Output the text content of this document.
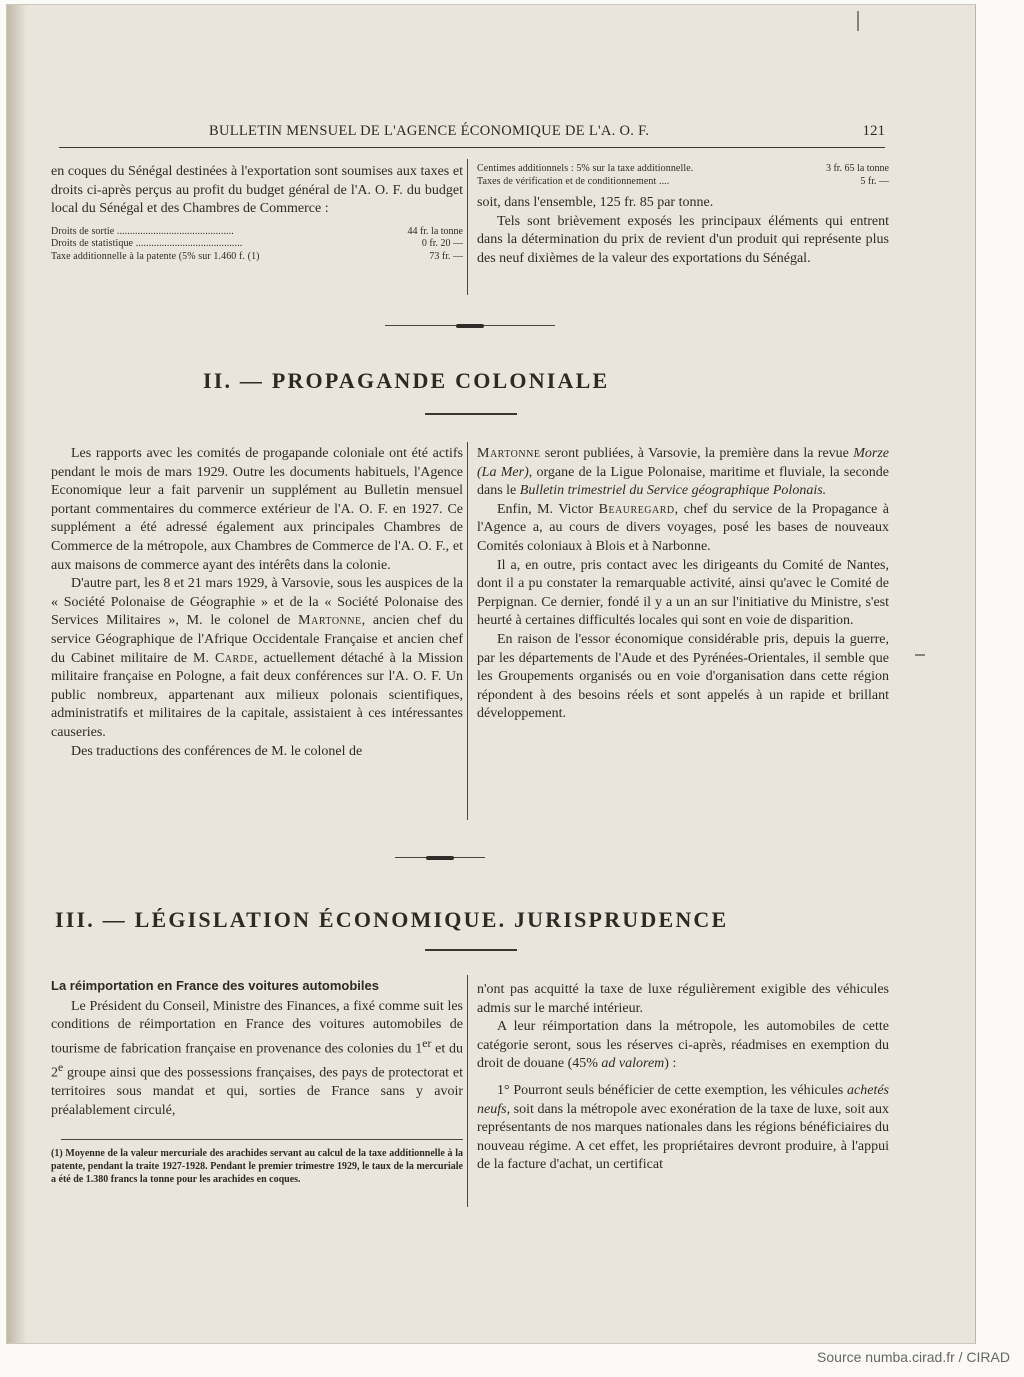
BULLETIN MENSUEL DE L'AGENCE ÉCONOMIQUE DE L'A. O. F.	121

en coques du Sénégal destinées à l'exportation sont soumises aux taxes et droits ci-après perçus au profit du budget général de l'A. O. F. du budget local du Sénégal et des Chambres de Commerce :

Droits de sortie .............................................	44 fr. la tonne
Droits de statistique .........................................	0 fr. 20 —
Taxe additionnelle à la patente (5% sur 1.460 f. (1)	73 fr. —
Centimes additionnels : 5% sur la taxe additionnelle.	3 fr. 65 la tonne
Taxes de vérification et de conditionnement ....	5 fr. —

soit, dans l'ensemble, 125 fr. 85 par tonne.

Tels sont brièvement exposés les principaux éléments qui entrent dans la détermination du prix de revient d'un produit qui représente plus des neuf dixièmes de la valeur des exportations du Sénégal.

II. — PROPAGANDE COLONIALE

Les rapports avec les comités de progapande coloniale ont été actifs pendant le mois de mars 1929. Outre les documents habituels, l'Agence Economique leur a fait parvenir un supplément au Bulletin mensuel portant commentaires du commerce extérieur de l'A. O. F. en 1927. Ce supplément a été adressé également aux principales Chambres de Commerce de la métropole, aux Chambres de Commerce de l'A. O. F., et aux maisons de commerce ayant des intérêts dans la colonie.

D'autre part, les 8 et 21 mars 1929, à Varsovie, sous les auspices de la « Société Polonaise de Géographie » et de la « Société Polonaise des Services Militaires », M. le colonel de Martonne, ancien chef du service Géographique de l'Afrique Occidentale Française et ancien chef du Cabinet militaire de M. Carde, actuellement détaché à la Mission militaire française en Pologne, a fait deux conférences sur l'A. O. F. Un public nombreux, appartenant aux milieux polonais scientifiques, administratifs et militaires de la capitale, assistaient à ces intéressantes causeries.

Des traductions des conférences de M. le colonel de

Martonne seront publiées, à Varsovie, la première dans la revue Morze (La Mer), organe de la Ligue Polonaise, maritime et fluviale, la seconde dans le Bulletin trimestriel du Service géographique Polonais.

Enfin, M. Victor Beauregard, chef du service de la Propagance à l'Agence a, au cours de divers voyages, posé les bases de nouveaux Comités coloniaux à Blois et à Narbonne.

Il a, en outre, pris contact avec les dirigeants du Comité de Nantes, dont il a pu constater la remarquable activité, ainsi qu'avec le Comité de Perpignan. Ce dernier, fondé il y a un an sur l'initiative du Ministre, s'est heurté à certaines difficultés locales qui sont en voie de disparition.

En raison de l'essor économique considérable pris, depuis la guerre, par les départements de l'Aude et des Pyrénées-Orientales, il semble que les Groupements organisés ou en voie d'organisation dans cette région répondent à des besoins réels et sont appelés à un rapide et brillant développement.

III. — LÉGISLATION ÉCONOMIQUE. JURISPRUDENCE

La réimportation en France des voitures automobiles

Le Président du Conseil, Ministre des Finances, a fixé comme suit les conditions de réimportation en France des voitures automobiles de tourisme de fabrication française en provenance des colonies du 1er et du 2e groupe ainsi que des possessions françaises, des pays de protectorat et territoires sous mandat et qui, sorties de France sans y avoir préalablement circulé,

(1) Moyenne de la valeur mercuriale des arachides servant au calcul de la taxe additionnelle à la patente, pendant la traite 1927-1928. Pendant le premier trimestre 1929, le taux de la mercuriale a été de 1.380 francs la tonne pour les arachides en coques.

n'ont pas acquitté la taxe de luxe régulièrement exigible des véhicules admis sur le marché intérieur.

A leur réimportation dans la métropole, les automobiles de cette catégorie seront, sous les réserves ci-après, réadmises en exemption du droit de douane (45% ad valorem) :

1° Pourront seuls bénéficier de cette exemption, les véhicules achetés neufs, soit dans la métropole avec exonération de la taxe de luxe, soit aux représentants de nos marques nationales dans les régions bénéficiaires du nouveau régime. A cet effet, les propriétaires devront produire, à l'appui de la facture d'achat, un certificat

Source numba.cirad.fr / CIRAD
